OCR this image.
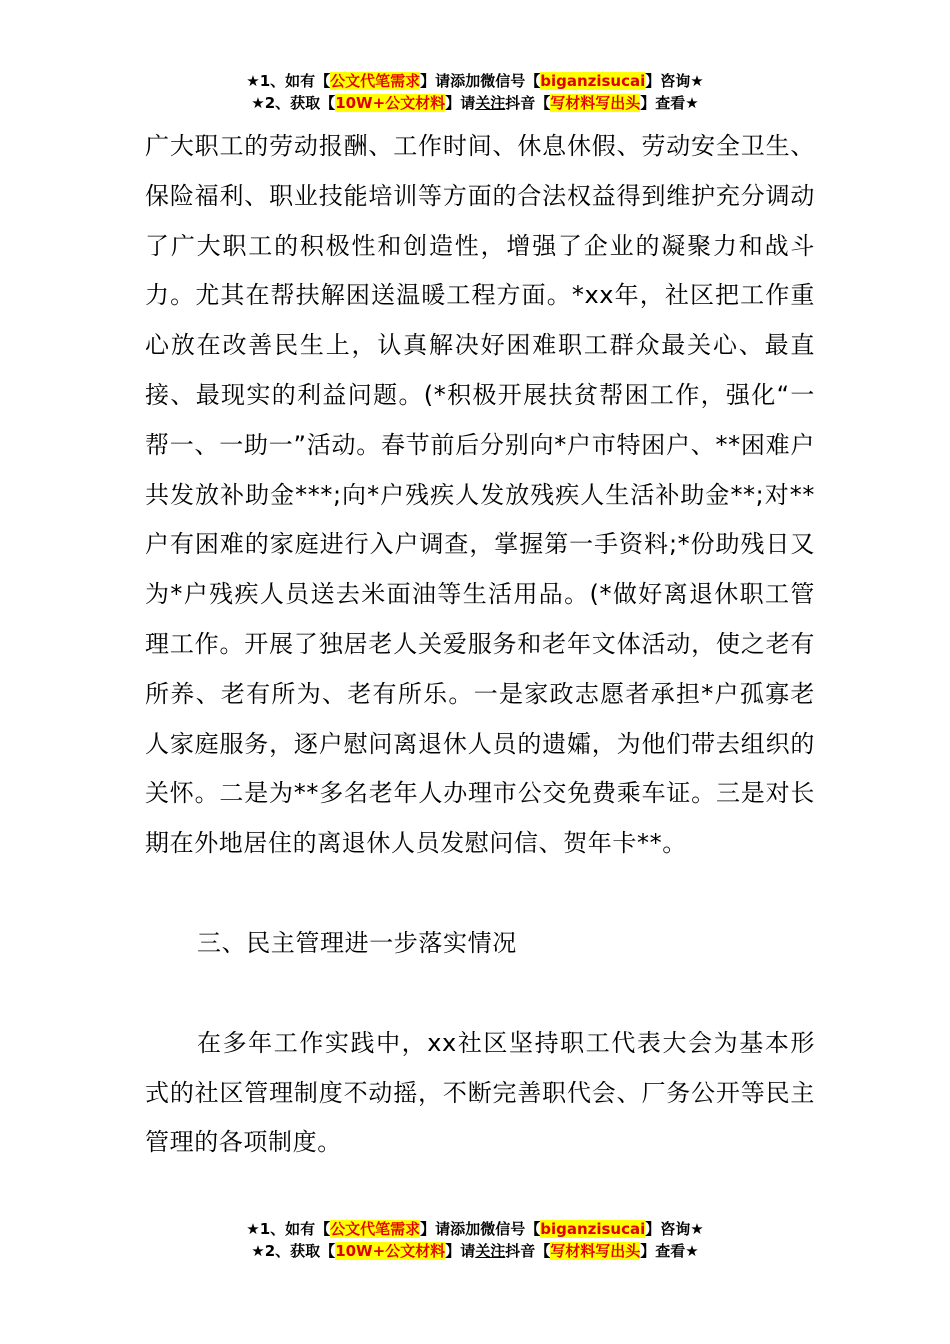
★1、如有【公文代笔需求】请添加微信号【biganzisucai】咨询★
★2、获取【10W+公文材料】请关注抖音【写材料写出头】查看★

广大职工的劳动报酬、工作时间、休息休假、劳动安全卫生、保险福利、职业技能培训等方面的合法权益得到维护充分调动了广大职工的积极性和创造性，增强了企业的凝聚力和战斗力。尤其在帮扶解困送温暖工程方面。*xx年，社区把工作重心放在改善民生上，认真解决好困难职工群众最关心、最直接、最现实的利益问题。(*积极开展扶贫帮困工作，强化“一帮一、一助一”活动。春节前后分别向*户市特困户、**困难户共发放补助金***;向*户残疾人发放残疾人生活补助金**;对**户有困难的家庭进行入户调查，掌握第一手资料;*份助残日又为*户残疾人员送去米面油等生活用品。(*做好离退休职工管理工作。开展了独居老人关爱服务和老年文体活动，使之老有所养、老有所为、老有所乐。一是家政志愿者承担*户孤寡老人家庭服务，逐户慰问离退休人员的遗孀，为他们带去组织的关怀。二是为**多名老年人办理市公交免费乘车证。三是对长期在外地居住的离退休人员发慰问信、贺年卡**。

三、民主管理进一步落实情况

在多年工作实践中，xx社区坚持职工代表大会为基本形式的社区管理制度不动摇，不断完善职代会、厂务公开等民主管理的各项制度。

★1、如有【公文代笔需求】请添加微信号【biganzisucai】咨询★
★2、获取【10W+公文材料】请关注抖音【写材料写出头】查看★
